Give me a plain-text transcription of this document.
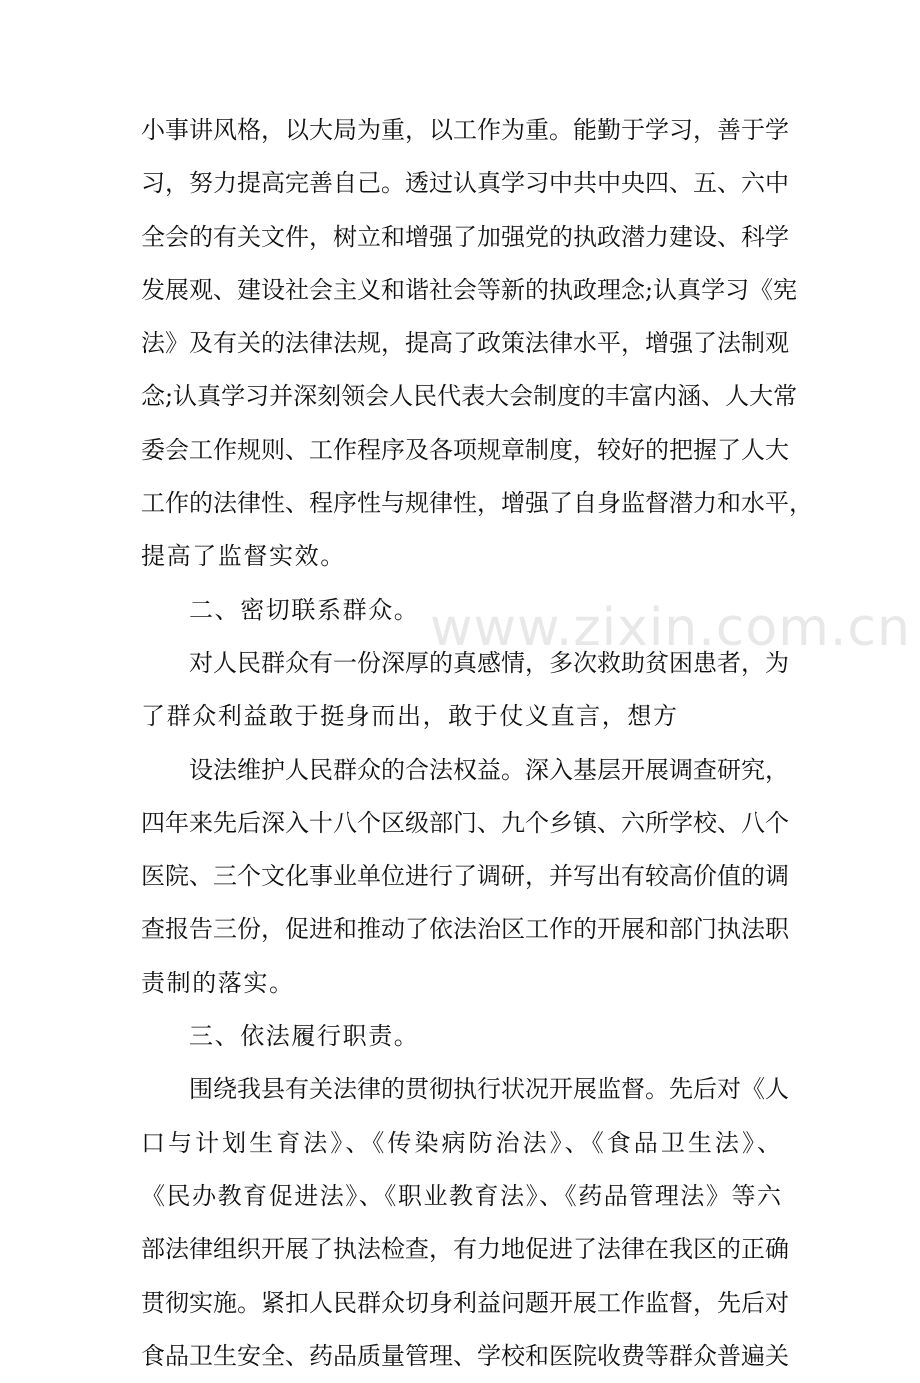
小事讲风格，以大局为重，以工作为重。能勤于学习，善于学
习，努力提高完善自己。透过认真学习中共中央四、五、六中
全会的有关文件，树立和增强了加强党的执政潜力建设、科学
发展观、建设社会主义和谐社会等新的执政理念;认真学习《宪
法》及有关的法律法规，提高了政策法律水平，增强了法制观
念;认真学习并深刻领会人民代表大会制度的丰富内涵、人大常
委会工作规则、工作程序及各项规章制度，较好的把握了人大
工作的法律性、程序性与规律性，增强了自身监督潜力和水平，
提高了监督实效。
二、密切联系群众。
对人民群众有一份深厚的真感情，多次救助贫困患者，为
了群众利益敢于挺身而出，敢于仗义直言，想方
设法维护人民群众的合法权益。深入基层开展调查研究，
四年来先后深入十八个区级部门、九个乡镇、六所学校、八个
医院、三个文化事业单位进行了调研，并写出有较高价值的调
查报告三份，促进和推动了依法治区工作的开展和部门执法职
责制的落实。
三、依法履行职责。
围绕我县有关法律的贯彻执行状况开展监督。先后对《人
口与计划生育法》、《传染病防治法》、《食品卫生法》、
《民办教育促进法》、《职业教育法》、《药品管理法》等六
部法律组织开展了执法检查，有力地促进了法律在我区的正确
贯彻实施。紧扣人民群众切身利益问题开展工作监督，先后对
食品卫生安全、药品质量管理、学校和医院收费等群众普遍关
www.zixin.com.cn
